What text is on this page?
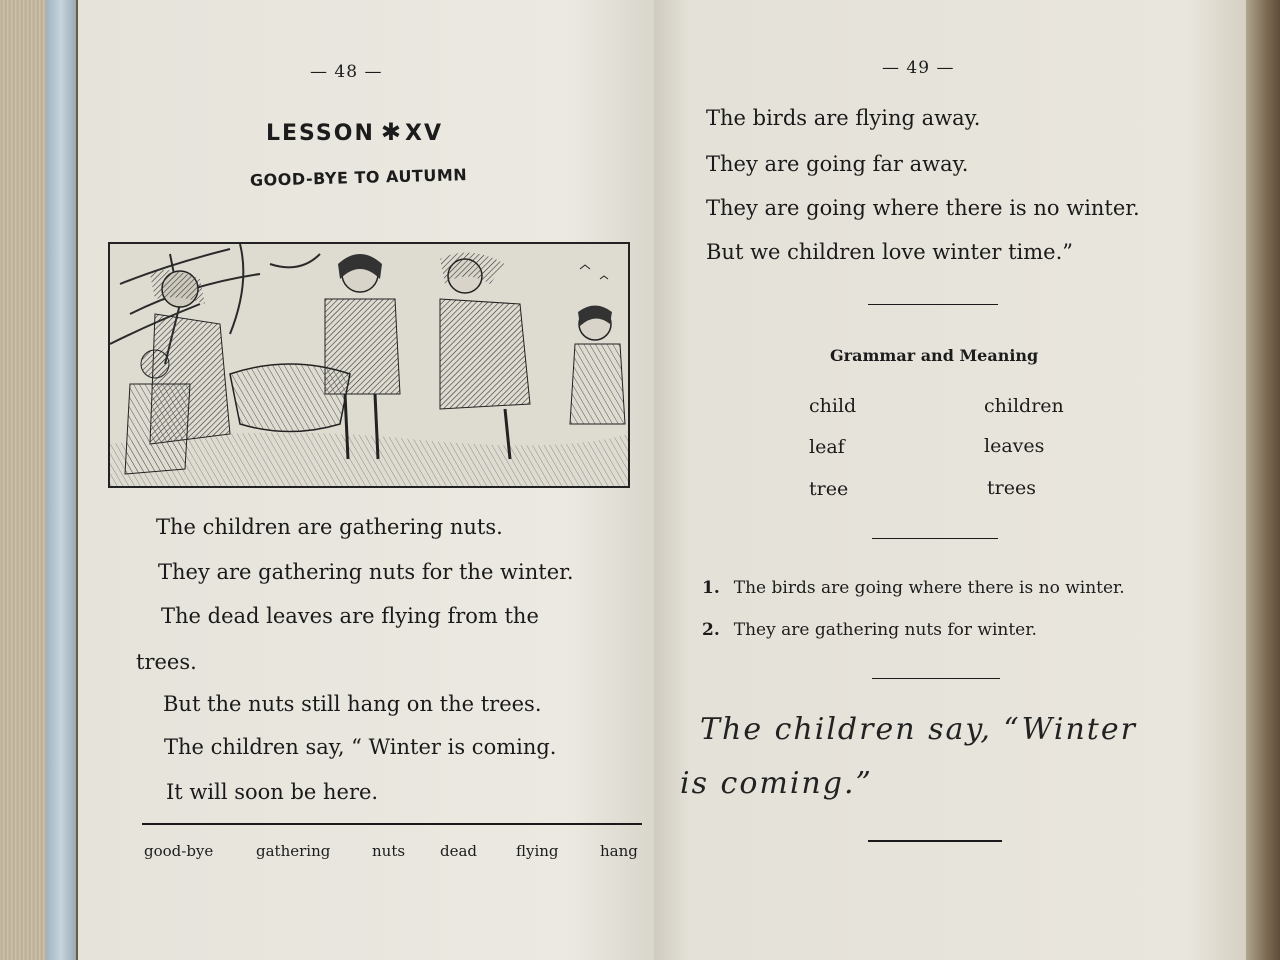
— 48 —
LESSON ✱XV
GOOD-BYE TO AUTUMN
The children are gathering nuts.
They are gathering nuts for the winter.
The dead leaves are flying from the
trees.
But the nuts still hang on the trees.
The children say, “ Winter is coming.
It will soon be here.
good-bye	gathering	nuts dead	flying	hang
— 49 —
The birds are flying away.
They are going far away.
They are going where there is no winter.
But we children love winter time.”
Grammar and Meaning
child	children
leaf	leaves
tree	trees
1. The birds are going where there is no winter.
2. They are gathering nuts for winter.
The children say, “Winter
is coming.”
